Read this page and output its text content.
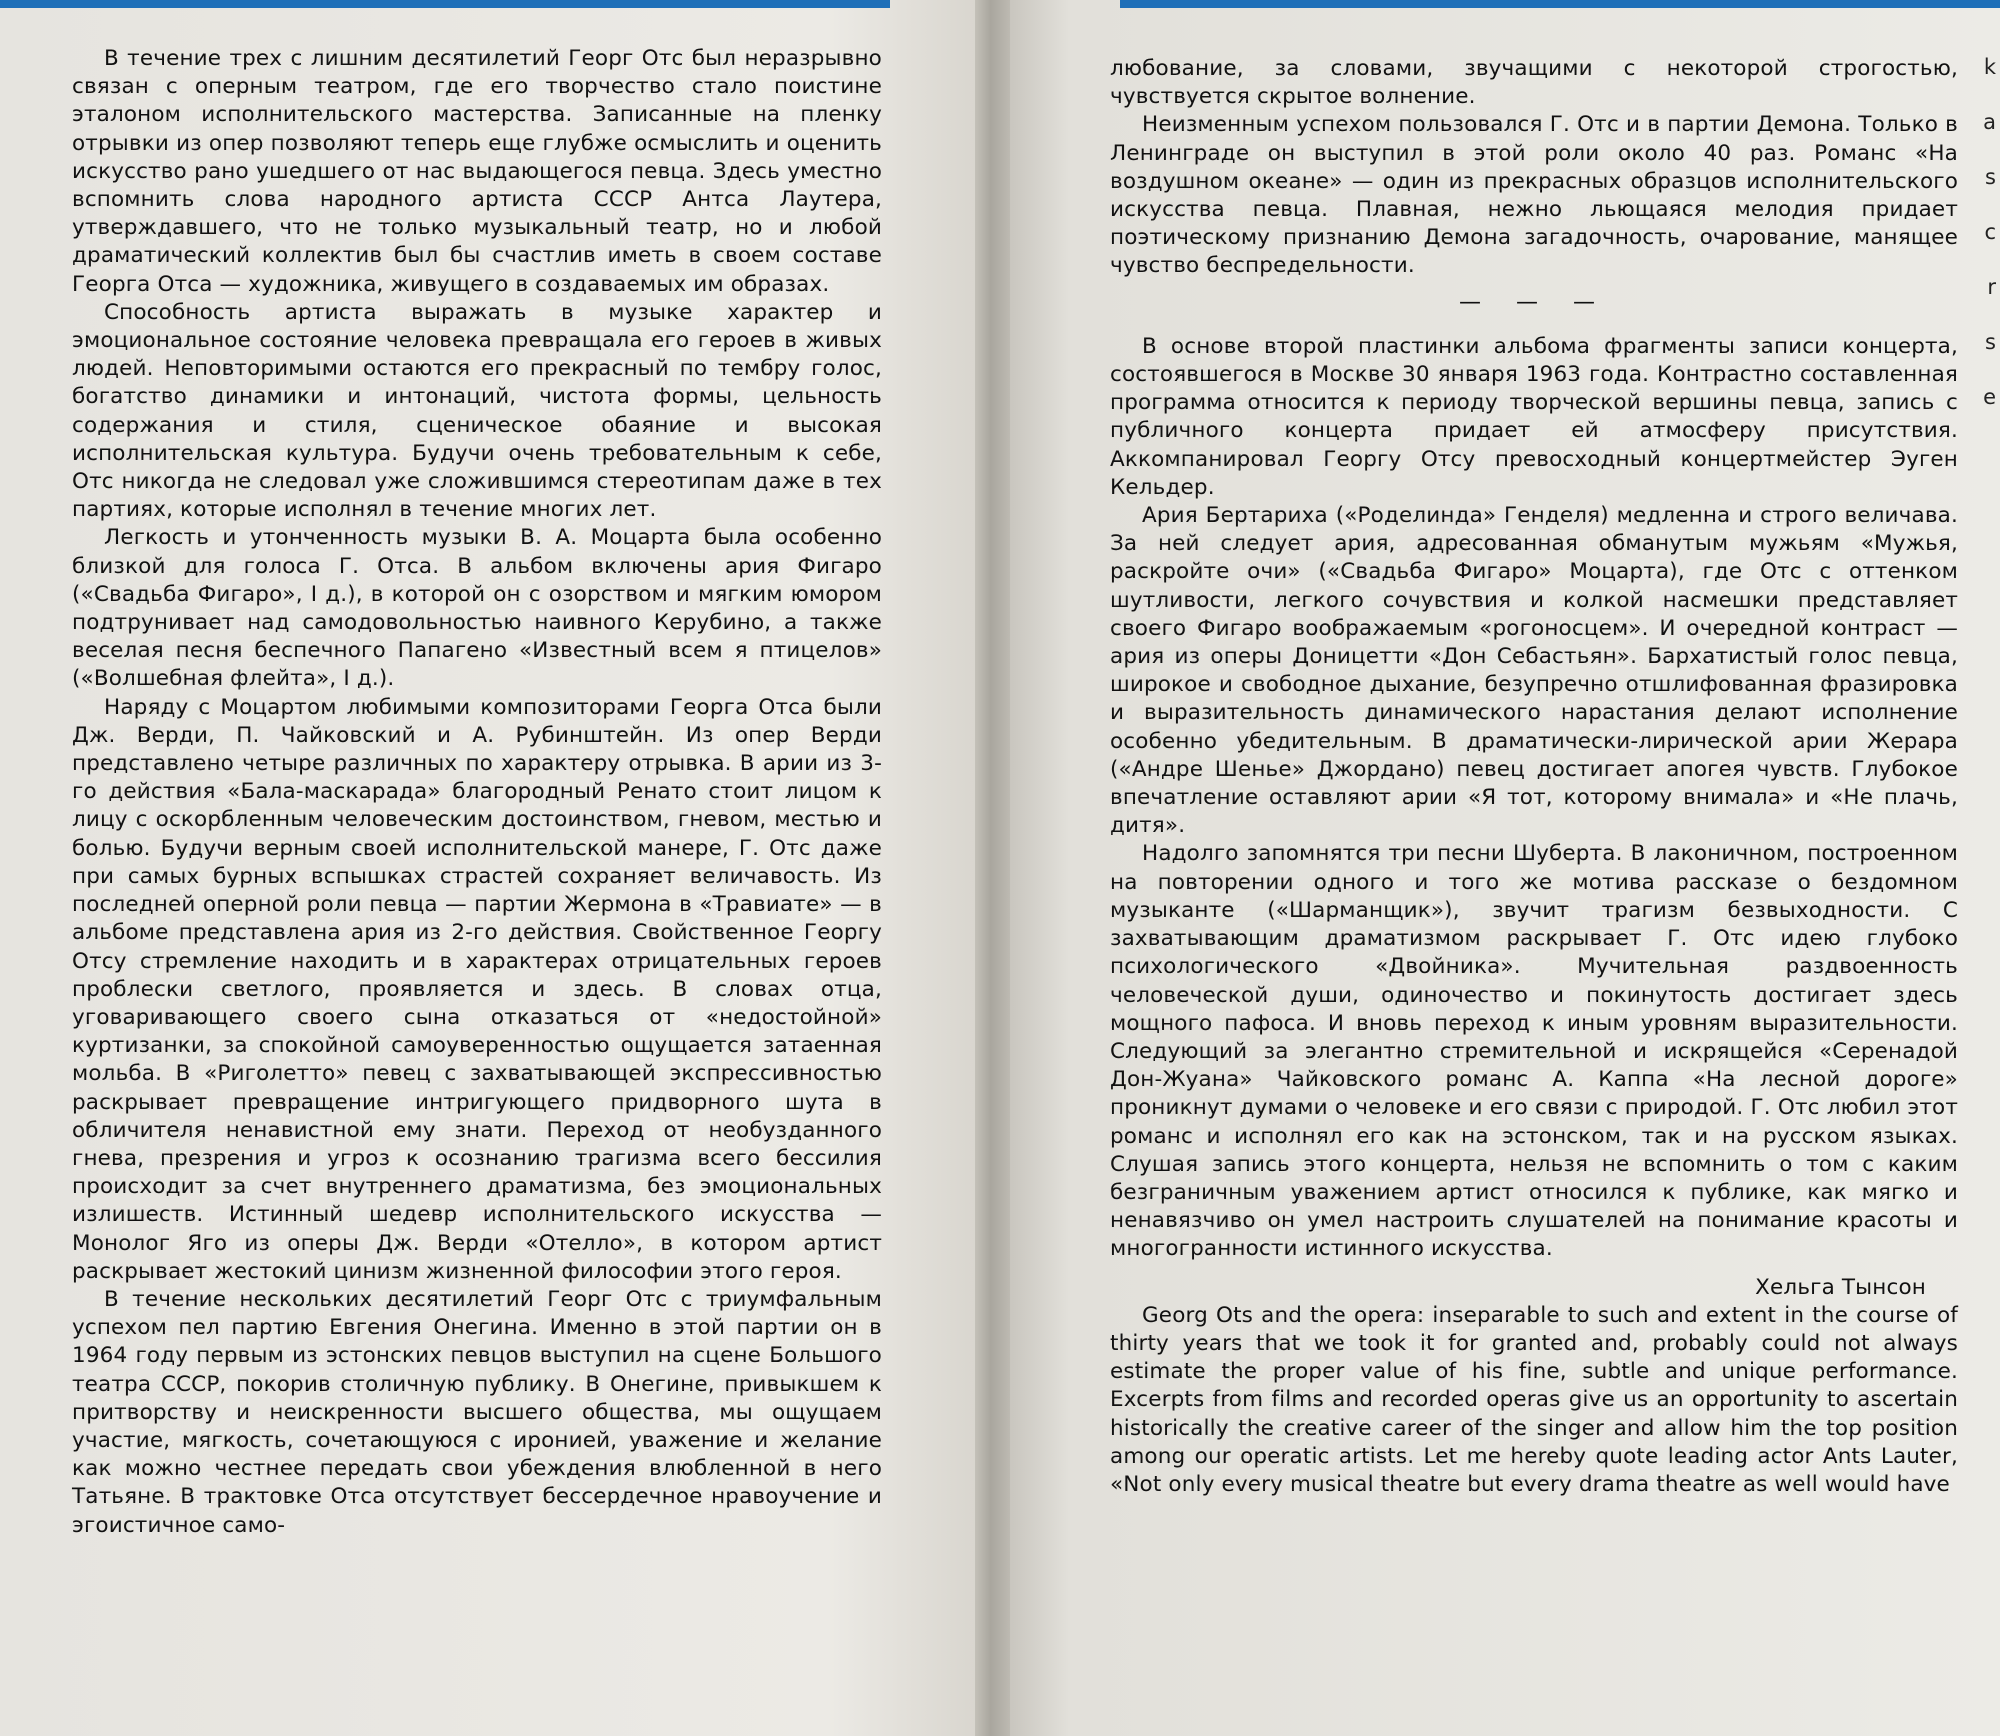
В течение трех с лишним десятилетий Георг Отс был неразрывно связан с оперным театром, где его творчество стало поистине эталоном исполнительского мастерства. Записанные на пленку отрывки из опер позволяют теперь еще глубже осмыслить и оценить искусство рано ушедшего от нас выдающегося певца. Здесь уместно вспомнить слова народного артиста СССР Антса Лаутера, утверждавшего, что не только музыкальный театр, но и любой драматический коллектив был бы счастлив иметь в своем составе Георга Отса — художника, живущего в создаваемых им образах.

Способность артиста выражать в музыке характер и эмоциональное состояние человека превращала его героев в живых людей. Неповторимыми остаются его прекрасный по тембру голос, богатство динамики и интонаций, чистота формы, цельность содержания и стиля, сценическое обаяние и высокая исполнительская культура. Будучи очень требовательным к себе, Отс никогда не следовал уже сложившимся стереотипам даже в тех партиях, которые исполнял в течение многих лет.

Легкость и утонченность музыки В. А. Моцарта была особенно близкой для голоса Г. Отса. В альбом включены ария Фигаро («Свадьба Фигаро», I д.), в которой он с озорством и мягким юмором подтрунивает над самодовольностью наивного Керубино, а также веселая песня беспечного Папагено «Известный всем я птицелов» («Волшебная флейта», I д.).

Наряду с Моцартом любимыми композиторами Георга Отса были Дж. Верди, П. Чайковский и А. Рубинштейн. Из опер Верди представлено четыре различных по характеру отрывка. В арии из 3-го действия «Бала-маскарада» благородный Ренато стоит лицом к лицу с оскорбленным человеческим достоинством, гневом, местью и болью. Будучи верным своей исполнительской манере, Г. Отс даже при самых бурных вспышках страстей сохраняет величавость. Из последней оперной роли певца — партии Жермона в «Травиате» — в альбоме представлена ария из 2-го действия. Свойственное Георгу Отсу стремление находить и в характерах отрицательных героев проблески светлого, проявляется и здесь. В словах отца, уговаривающего своего сына отказаться от «недостойной» куртизанки, за спокойной самоуверенностью ощущается затаенная мольба. В «Риголетто» певец с захватывающей экспрессивностью раскрывает превращение интригующего придворного шута в обличителя ненавистной ему знати. Переход от необузданного гнева, презрения и угроз к осознанию трагизма всего бессилия происходит за счет внутреннего драматизма, без эмоциональных излишеств. Истинный шедевр исполнительского искусства — Монолог Яго из оперы Дж. Верди «Отелло», в котором артист раскрывает жестокий цинизм жизненной философии этого героя.

В течение нескольких десятилетий Георг Отс с триумфальным успехом пел партию Евгения Онегина. Именно в этой партии он в 1964 году первым из эстонских певцов выступил на сцене Большого театра СССР, покорив столичную публику. В Онегине, привыкшем к притворству и неискренности высшего общества, мы ощущаем участие, мягкость, сочетающуюся с иронией, уважение и желание как можно честнее передать свои убеждения влюбленной в него Татьяне. В трактовке Отса отсутствует бессердечное нравоучение и эгоистичное само-

любование, за словами, звучащими с некоторой строгостью, чувствуется скрытое волнение.

Неизменным успехом пользовался Г. Отс и в партии Демона. Только в Ленинграде он выступил в этой роли около 40 раз. Романс «На воздушном океане» — один из прекрасных образцов исполнительского искусства певца. Плавная, нежно льющаяся мелодия придает поэтическому признанию Демона загадочность, очарование, манящее чувство беспредельности.

— — —

В основе второй пластинки альбома фрагменты записи концерта, состоявшегося в Москве 30 января 1963 года. Контрастно составленная программа относится к периоду творческой вершины певца, запись с публичного концерта придает ей атмосферу присутствия. Аккомпанировал Георгу Отсу превосходный концертмейстер Эуген Кельдер.

Ария Бертариха («Роделинда» Генделя) медленна и строго величава. За ней следует ария, адресованная обманутым мужьям «Мужья, раскройте очи» («Свадьба Фигаро» Моцарта), где Отс с оттенком шутливости, легкого сочувствия и колкой насмешки представляет своего Фигаро воображаемым «рогоносцем». И очередной контраст — ария из оперы Доницетти «Дон Себастьян». Бархатистый голос певца, широкое и свободное дыхание, безупречно отшлифованная фразировка и выразительность динамического нарастания делают исполнение особенно убедительным. В драматически-лирической арии Жерара («Андре Шенье» Джордано) певец достигает апогея чувств. Глубокое впечатление оставляют арии «Я тот, которому внимала» и «Не плачь, дитя».

Надолго запомнятся три песни Шуберта. В лаконичном, построенном на повторении одного и того же мотива рассказе о бездомном музыканте («Шарманщик»), звучит трагизм безвыходности. С захватывающим драматизмом раскрывает Г. Отс идею глубоко психологического «Двойника». Мучительная раздвоенность человеческой души, одиночество и покинутость достигает здесь мощного пафоса. И вновь переход к иным уровням выразительности. Следующий за элегантно стремительной и искрящейся «Серенадой Дон-Жуана» Чайковского романс А. Каппа «На лесной дороге» проникнут думами о человеке и его связи с природой. Г. Отс любил этот романс и исполнял его как на эстонском, так и на русском языках. Слушая запись этого концерта, нельзя не вспомнить о том с каким безграничным уважением артист относился к публике, как мягко и ненавязчиво он умел настроить слушателей на понимание красоты и многогранности истинного искусства.

Хельга Тынсон

Georg Ots and the opera: inseparable to such and extent in the course of thirty years that we took it for granted and, probably could not always estimate the proper value of his fine, subtle and unique performance. Excerpts from films and recorded operas give us an opportunity to ascertain historically the creative career of the singer and allow him the top position among our operatic artists. Let me hereby quote leading actor Ants Lauter, «Not only every musical theatre but every drama theatre as well would have

k
a
s
c
r
s
e
